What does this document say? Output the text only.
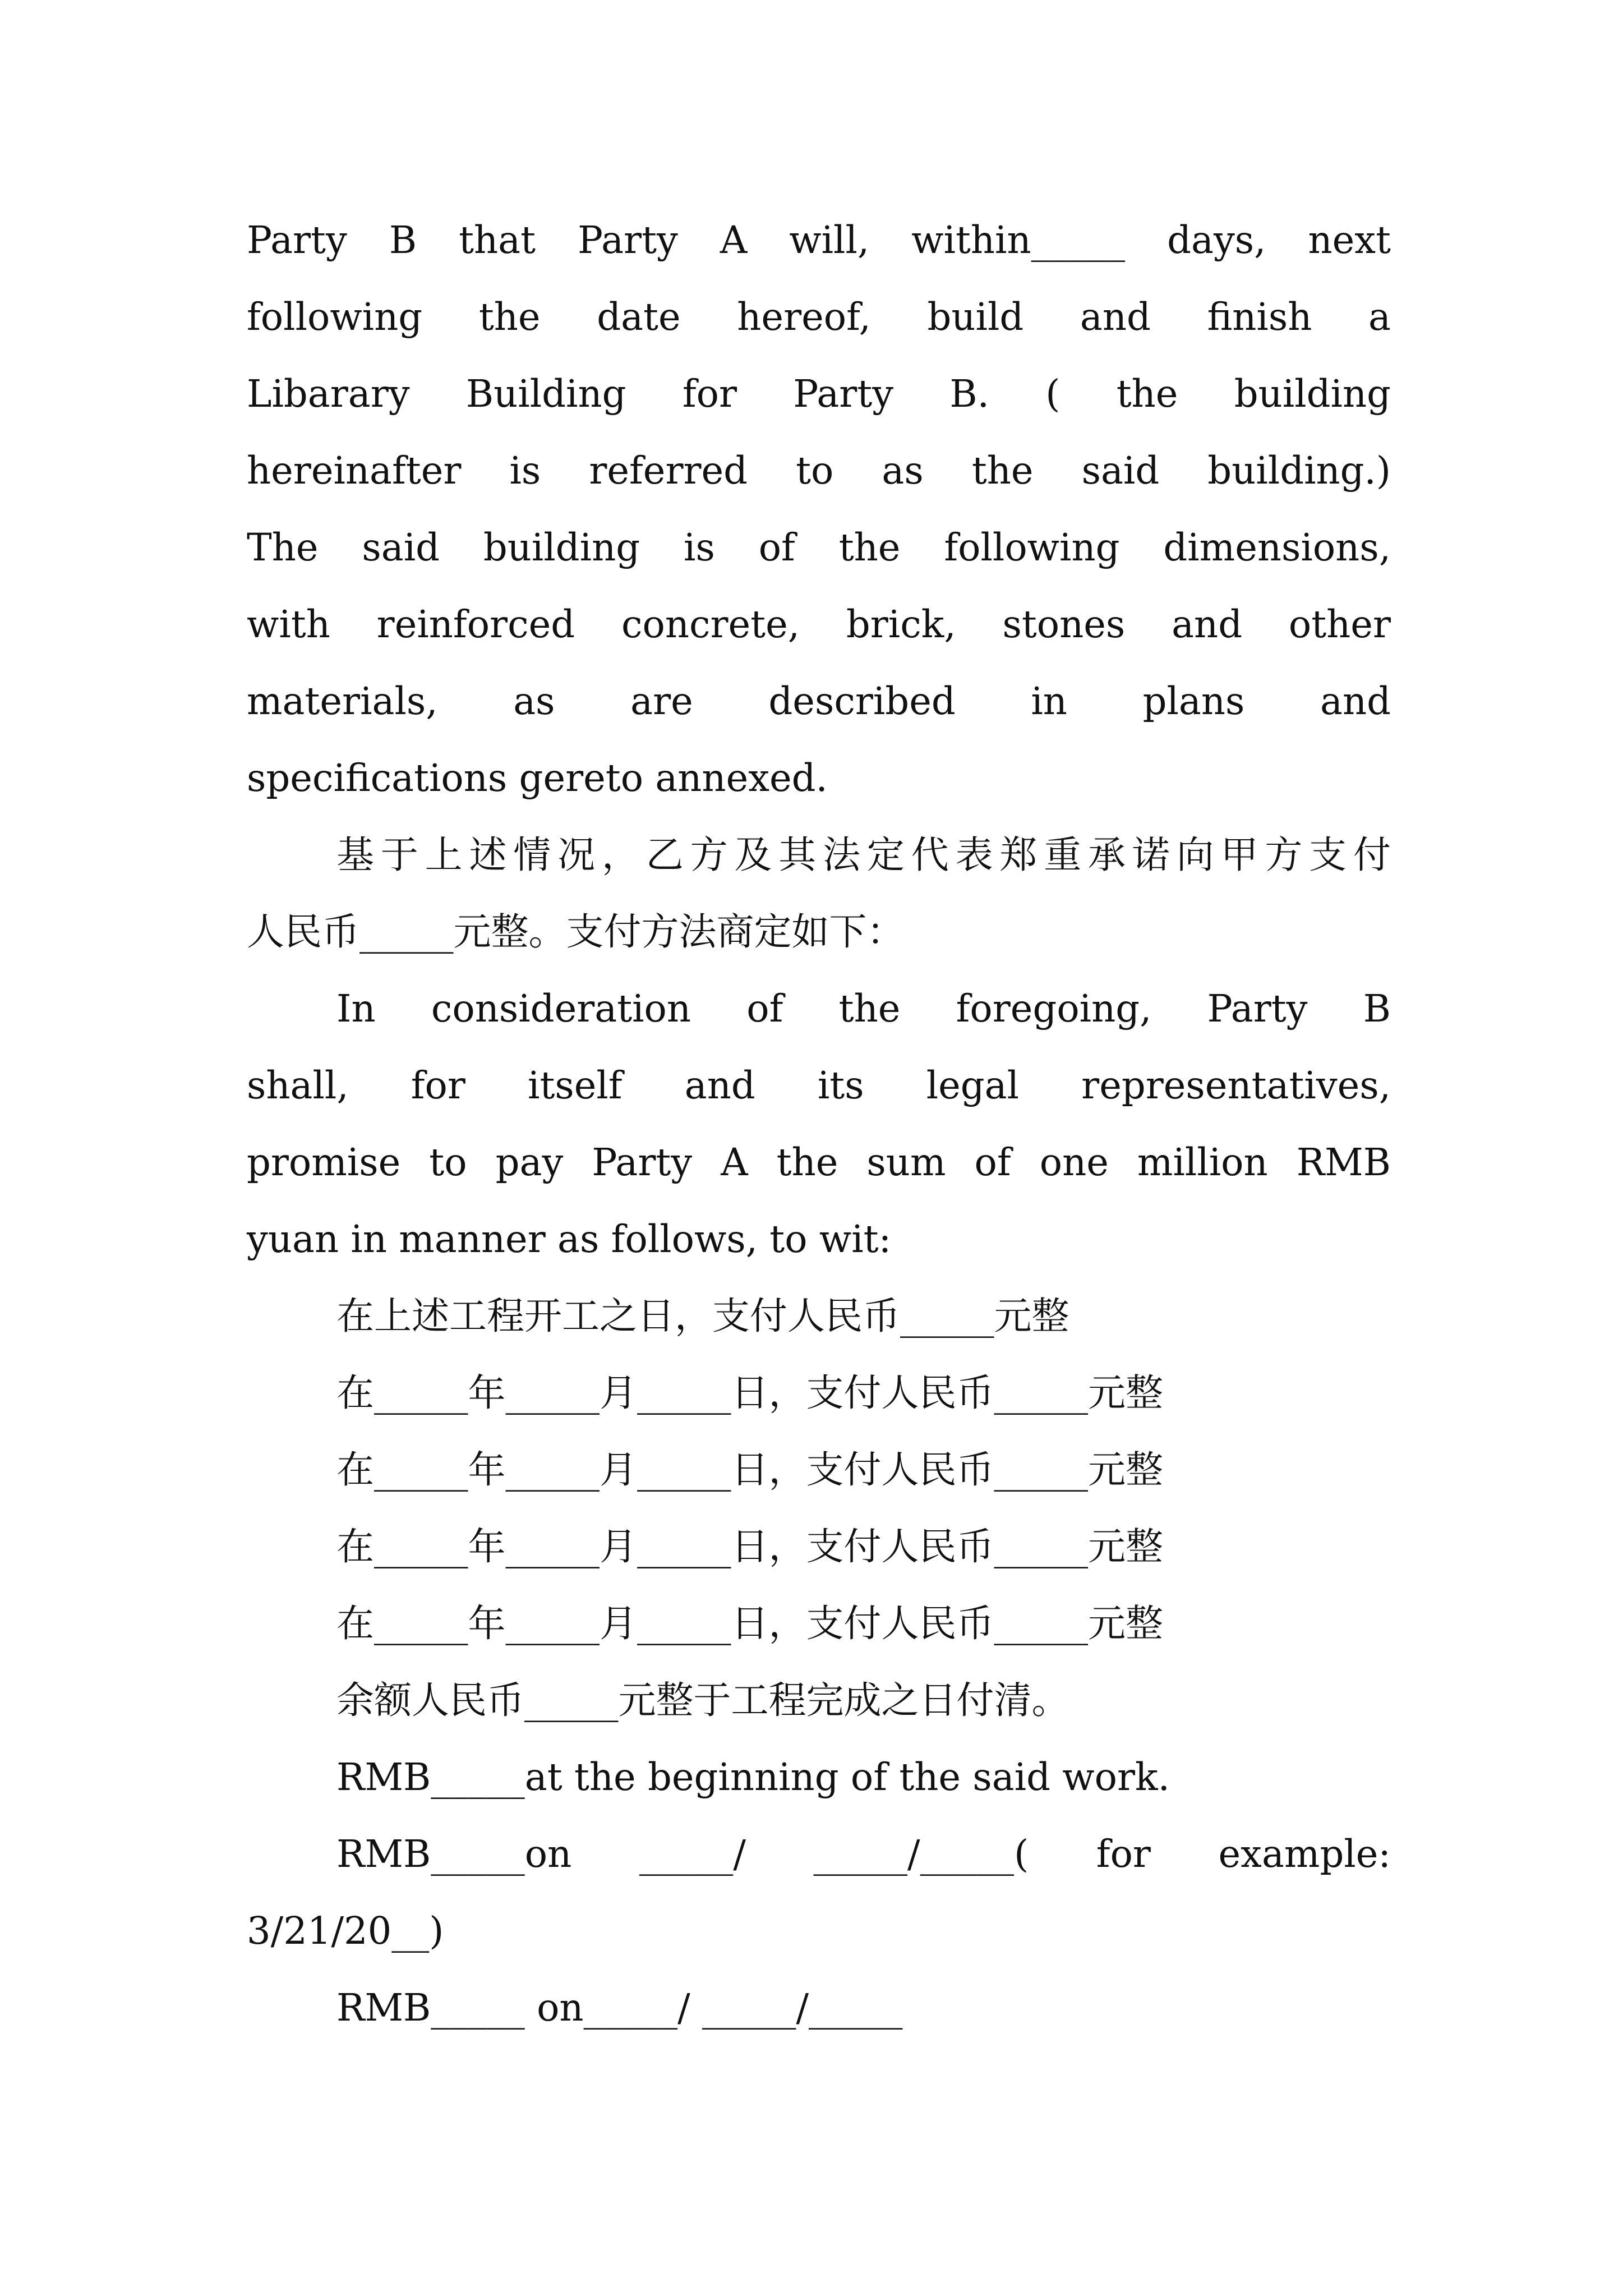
Party B that Party A will, within_____ days, next
following the date hereof, build and finish a
Libarary Building for Party B. ( the building
hereinafter is referred to as the said building.)
The said building is of the following dimensions,
with reinforced concrete, brick, stones and other
materials, as are described in plans and
specifications gereto annexed.
基于上述情况，乙方及其法定代表郑重承诺向甲方支付
人民币_____元整。支付方法商定如下：
In consideration of the foregoing, Party B
shall, for itself and its legal representatives,
promise to pay Party A the sum of one million RMB
yuan in manner as follows, to wit:

在上述工程开工之日，支付人民币_____元整

在_____年_____月_____日，支付人民币_____元整

在_____年_____月_____日，支付人民币_____元整

在_____年_____月_____日，支付人民币_____元整

在_____年_____月_____日，支付人民币_____元整

余额人民币_____元整于工程完成之日付清。

RMB_____at the beginning of the said work.

RMB_____on _____/ _____/_____( for example:
3/21/20__)

RMB_____ on_____/ _____/_____
